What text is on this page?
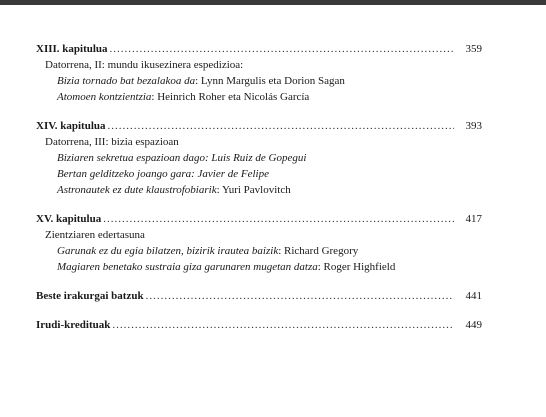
XIII. kapitulua .....	359
Datorrena, II: mundu ikusezinera espedizioa:
Bizia tornado bat bezalakoa da: Lynn Margulis eta Dorion Sagan
Atomoen kontzientzia: Heinrich Roher eta Nicolás García
XIV. kapitulua .....	393
Datorrena, III: bizia espazioan
Biziaren sekretua espazioan dago: Luis Ruiz de Gopegui
Bertan gelditzeko joango gara: Javier de Felipe
Astronautek ez dute klaustrofobiarik: Yuri Pavlovitch
XV. kapitulua .....	417
Zientziaren edertasuna
Garunak ez du egia bilatzen, bizirik irautea baizik: Richard Gregory
Magiaren benetako sustraia giza garunaren mugetan datza: Roger Highfield
Beste irakurgai batzuk .....	441
Irudi-kredituak .....	449
